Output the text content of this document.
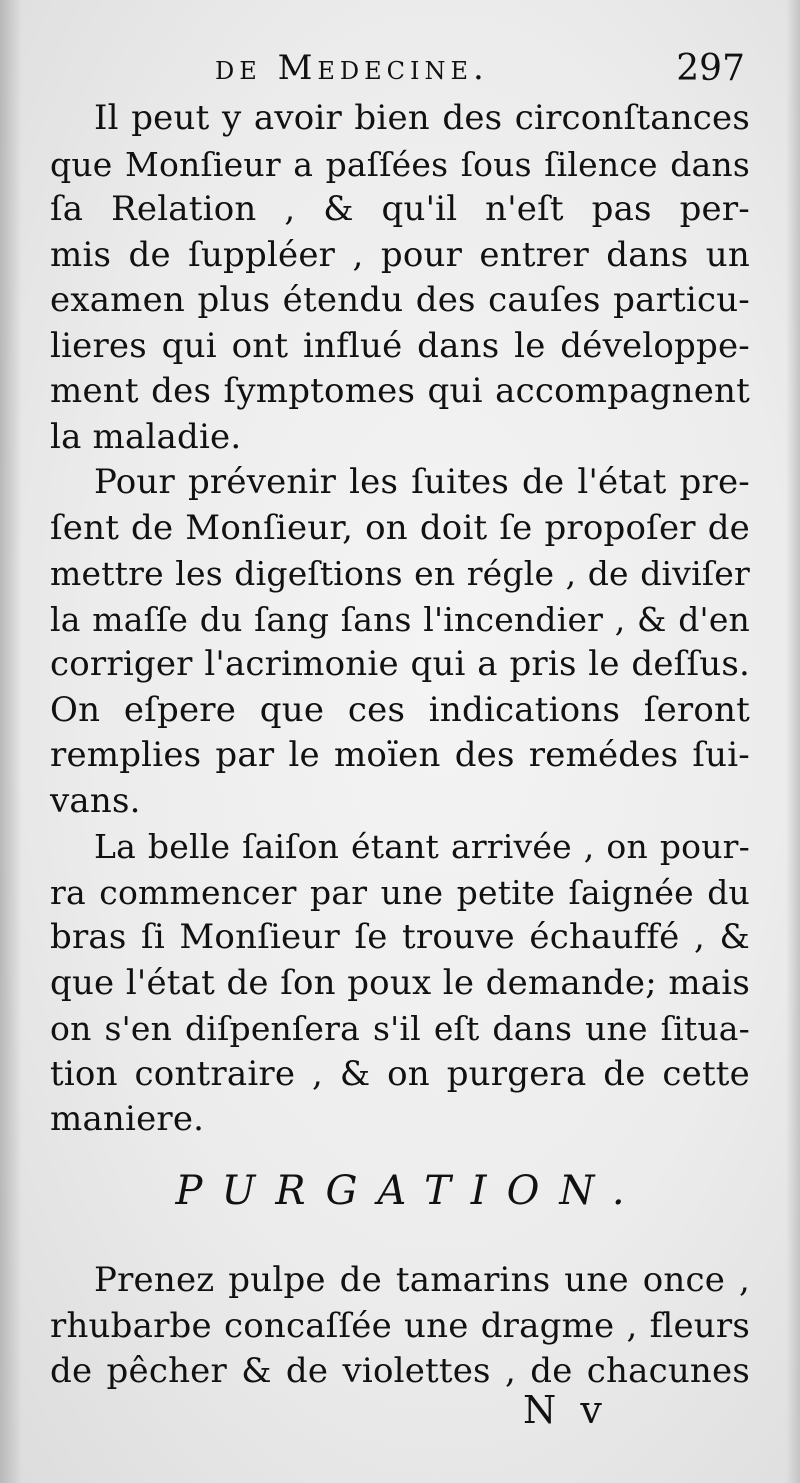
de Medecine.	297
Il peut y avoir bien des circonſtances
que Monſieur a paſſées ſous ſilence dans
ſa Relation , & qu'il n'eſt pas per-
mis de ſuppléer , pour entrer dans un
examen plus étendu des cauſes particu-
lieres qui ont influé dans le développe-
ment des ſymptomes qui accompagnent
la maladie.
Pour prévenir les ſuites de l'état pre-
ſent de Monſieur, on doit ſe propoſer de
mettre les digeſtions en régle , de diviſer
la maſſe du ſang ſans l'incendier , & d'en
corriger l'acrimonie qui a pris le deſſus.
On eſpere que ces indications ſeront
remplies par le moïen des remédes ſui-
vans.
La belle ſaiſon étant arrivée , on pour-
ra commencer par une petite ſaignée du
bras ſi Monſieur ſe trouve échauffé , &
que l'état de ſon poux le demande; mais
on s'en diſpenſera s'il eſt dans une ſitua-
tion contraire , & on purgera de cette
maniere.
PURGATION.
Prenez pulpe de tamarins une once ,
rhubarbe concaſſée une dragme , fleurs
de pêcher & de violettes , de chacunes
N v
